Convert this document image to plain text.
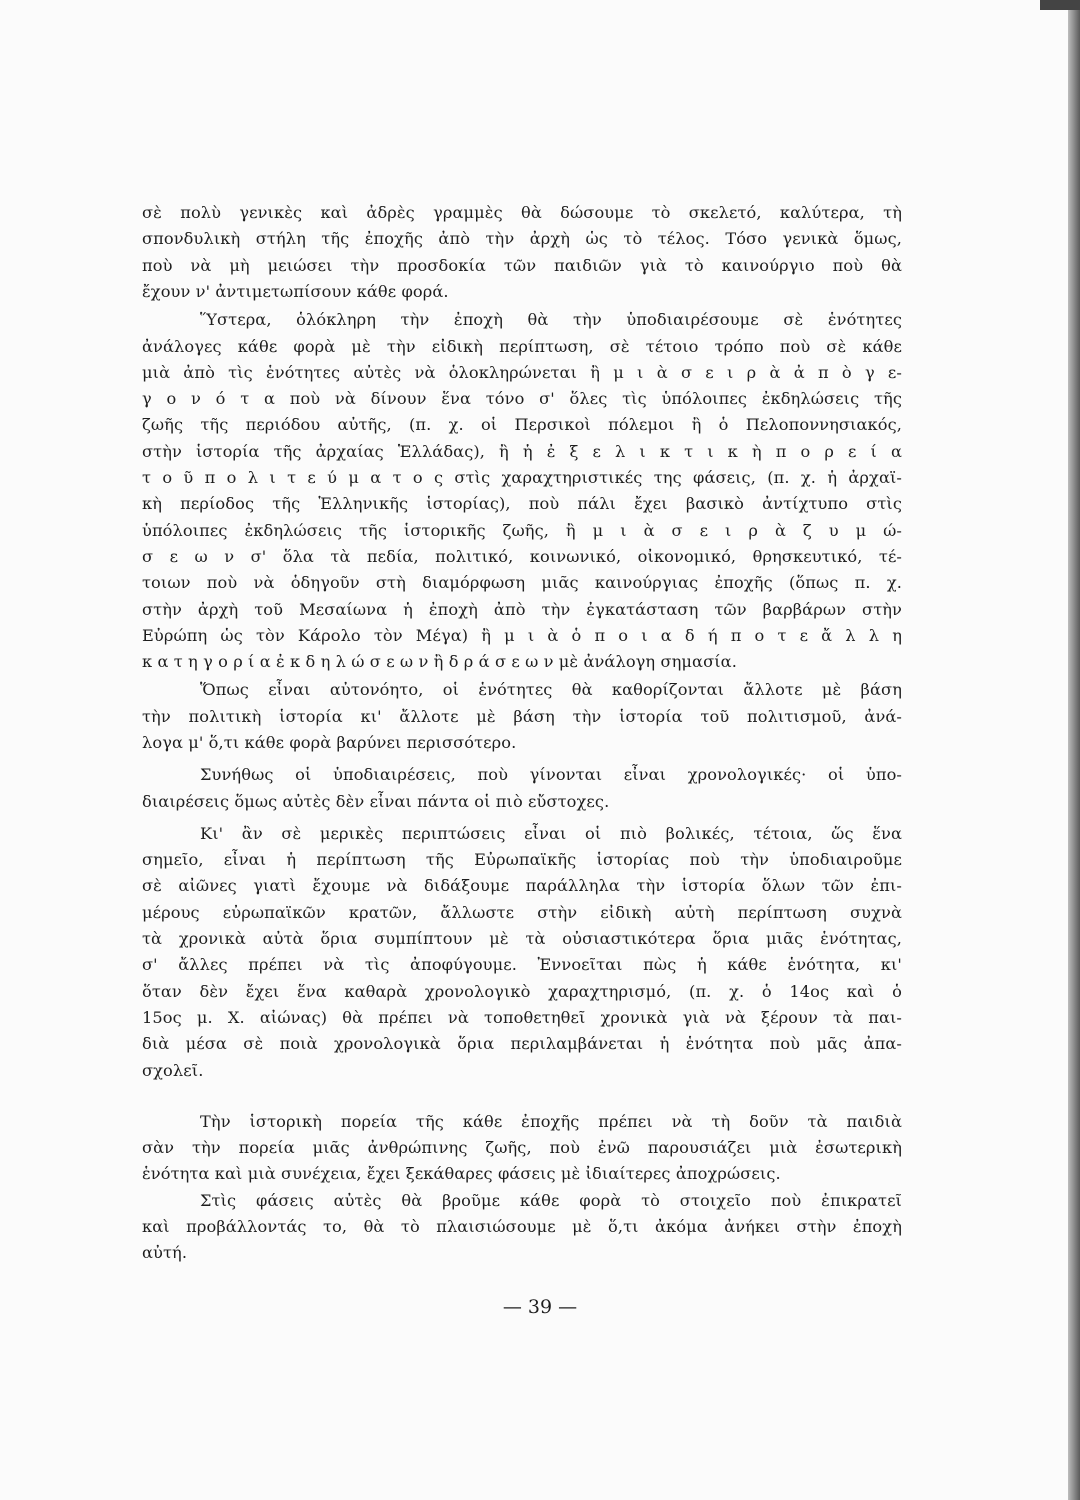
σὲ πολὺ γενικὲς καὶ ἀδρὲς γραμμὲς θὰ δώσουμε τὸ σκελετό, καλύτερα, τὴ
σπονδυλικὴ στήλη τῆς ἐποχῆς ἀπὸ τὴν ἀρχὴ ὡς τὸ τέλος. Τόσο γενικὰ ὅμως,
ποὺ νὰ μὴ μειώσει τὴν προσδοκία τῶν παιδιῶν γιὰ τὸ καινούργιο ποὺ θὰ
ἔχουν ν' ἀντιμετωπίσουν κάθε φορά.
Ὕστερα, ὁλόκληρη τὴν ἐποχὴ θὰ τὴν ὑποδιαιρέσουμε σὲ ἑνότητες
ἀνάλογες κάθε φορὰ μὲ τὴν εἰδικὴ περίπτωση, σὲ τέτοιο τρόπο ποὺ σὲ κάθε
μιὰ ἀπὸ τὶς ἑνότητες αὐτὲς νὰ ὁλοκληρώνεται ἢ μ ι ὰ σ ε ι ρ ὰ ἀ π ὸ γ ε-
γ ο ν ό τ α ποὺ νὰ δίνουν ἕνα τόνο σ' ὅλες τὶς ὑπόλοιπες ἐκδηλώσεις τῆς
ζωῆς τῆς περιόδου αὐτῆς, (π. χ. οἱ Περσικοὶ πόλεμοι ἢ ὁ Πελοποννησιακός,
στὴν ἱστορία τῆς ἀρχαίας Ἑλλάδας), ἢ ἡ ἐ ξ ε λ ι κ τ ι κ ὴ π ο ρ ε ί α
τ ο ῦ π ο λ ι τ ε ύ μ α τ ο ς στὶς χαραχτηριστικές της φάσεις, (π. χ. ἡ ἀρχαϊ-
κὴ περίοδος τῆς Ἑλληνικῆς ἱστορίας), ποὺ πάλι ἔχει βασικὸ ἀντίχτυπο στὶς
ὑπόλοιπες ἐκδηλώσεις τῆς ἱστορικῆς ζωῆς, ἢ μ ι ὰ σ ε ι ρ ὰ ζ υ μ ώ-
σ ε ω ν σ' ὅλα τὰ πεδία, πολιτικό, κοινωνικό, οἰκονομικό, θρησκευτικό, τέ-
τοιων ποὺ νὰ ὁδηγοῦν στὴ διαμόρφωση μιᾶς καινούργιας ἐποχῆς (ὅπως π. χ.
στὴν ἀρχὴ τοῦ Μεσαίωνα ἡ ἐποχὴ ἀπὸ τὴν ἐγκατάσταση τῶν βαρβάρων στὴν
Εὐρώπη ὡς τὸν Κάρολο τὸν Μέγα) ἢ μ ι ὰ ὁ π ο ι α δ ή π ο τ ε ἄ λ λ η
κ α τ η γ ο ρ ί α ἐ κ δ η λ ώ σ ε ω ν ἢ δ ρ ά σ ε ω ν μὲ ἀνάλογη σημασία.
Ὅπως εἶναι αὐτονόητο, οἱ ἑνότητες θὰ καθορίζονται ἄλλοτε μὲ βάση
τὴν πολιτικὴ ἱστορία κι' ἄλλοτε μὲ βάση τὴν ἱστορία τοῦ πολιτισμοῦ, ἀνά-
λογα μ' ὅ,τι κάθε φορὰ βαρύνει περισσότερο.
Συνήθως οἱ ὑποδιαιρέσεις, ποὺ γίνονται εἶναι χρονολογικές· οἱ ὑπο-
διαιρέσεις ὅμως αὐτὲς δὲν εἶναι πάντα οἱ πιὸ εὔστοχες.
Κι' ἂν σὲ μερικὲς περιπτώσεις εἶναι οἱ πιὸ βολικές, τέτοια, ὥς ἕνα
σημεῖο, εἶναι ἡ περίπτωση τῆς Εὐρωπαϊκῆς ἱστορίας ποὺ τὴν ὑποδιαιροῦμε
σὲ αἰῶνες γιατὶ ἔχουμε νὰ διδάξουμε παράλληλα τὴν ἱστορία ὅλων τῶν ἐπι-
μέρους εὐρωπαϊκῶν κρατῶν, ἄλλωστε στὴν εἰδικὴ αὐτὴ περίπτωση συχνὰ
τὰ χρονικὰ αὐτὰ ὅρια συμπίπτουν μὲ τὰ οὐσιαστικότερα ὅρια μιᾶς ἑνότητας,
σ' ἄλλες πρέπει νὰ τὶς ἀποφύγουμε. Ἐννοεῖται πὼς ἡ κάθε ἑνότητα, κι'
ὅταν δὲν ἔχει ἕνα καθαρὰ χρονολογικὸ χαραχτηρισμό, (π. χ. ὁ 14ος καὶ ὁ
15ος μ. Χ. αἰώνας) θὰ πρέπει νὰ τοποθετηθεῖ χρονικὰ γιὰ νὰ ξέρουν τὰ παι-
διὰ μέσα σὲ ποιὰ χρονολογικὰ ὅρια περιλαμβάνεται ἡ ἑνότητα ποὺ μᾶς ἀπα-
σχολεῖ.
Τὴν ἱστορικὴ πορεία τῆς κάθε ἐποχῆς πρέπει νὰ τὴ δοῦν τὰ παιδιὰ
σὰν τὴν πορεία μιᾶς ἀνθρώπινης ζωῆς, ποὺ ἐνῶ παρουσιάζει μιὰ ἐσωτερικὴ
ἑνότητα καὶ μιὰ συνέχεια, ἔχει ξεκάθαρες φάσεις μὲ ἰδιαίτερες ἀποχρώσεις.
Στὶς φάσεις αὐτὲς θὰ βροῦμε κάθε φορὰ τὸ στοιχεῖο ποὺ ἐπικρατεῖ
καὶ προβάλλοντάς το, θὰ τὸ πλαισιώσουμε μὲ ὅ,τι ἀκόμα ἀνήκει στὴν ἐποχὴ
αὐτή.
— 39 —
